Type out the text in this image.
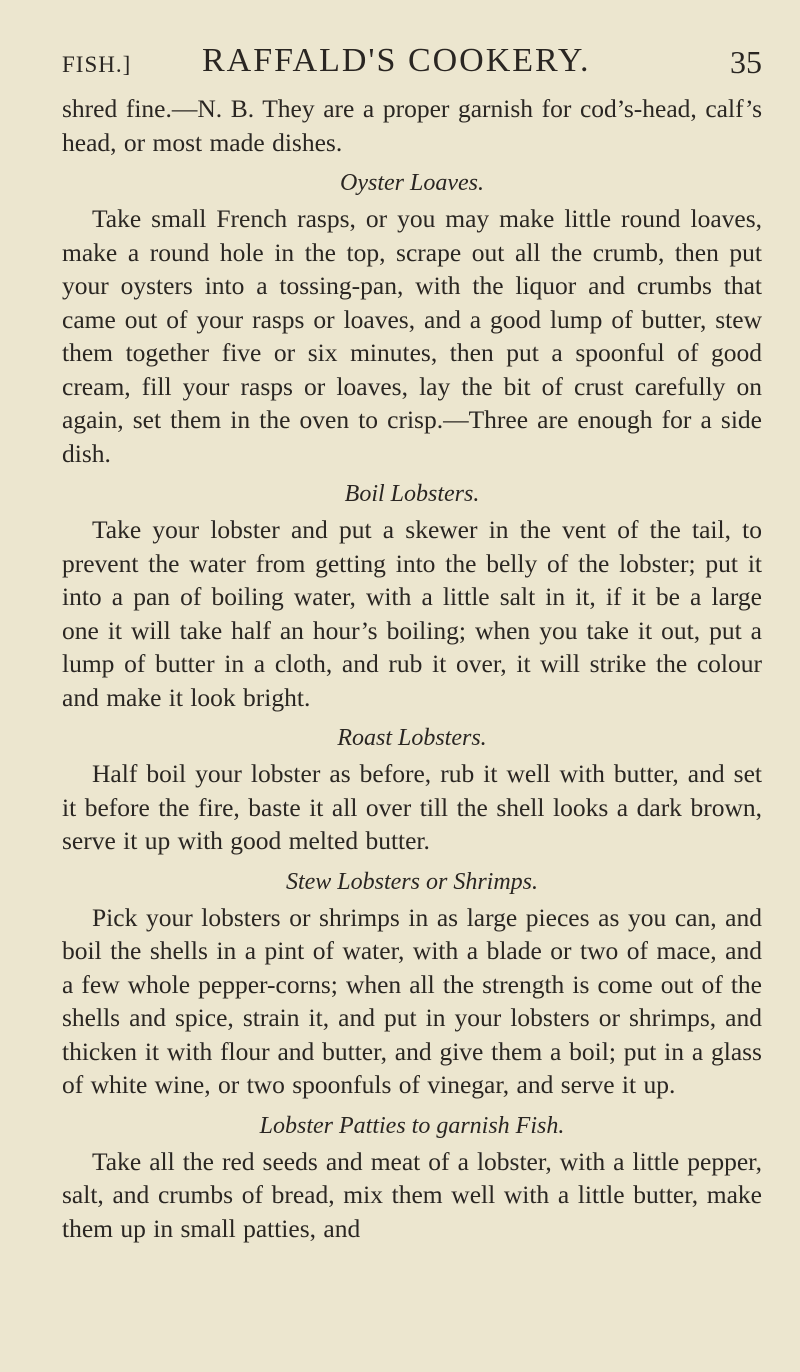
FISH.] RAFFALD'S COOKERY.	35

shred fine.—N. B. They are a proper garnish for cod’s-head, calf’s head, or most made dishes.

Oyster Loaves.

Take small French rasps, or you may make little round loaves, make a round hole in the top, scrape out all the crumb, then put your oysters into a tossing-pan, with the liquor and crumbs that came out of your rasps or loaves, and a good lump of butter, stew them together five or six minutes, then put a spoonful of good cream, fill your rasps or loaves, lay the bit of crust carefully on again, set them in the oven to crisp.—Three are enough for a side dish.

Boil Lobsters.

Take your lobster and put a skewer in the vent of the tail, to prevent the water from getting into the belly of the lobster; put it into a pan of boiling water, with a little salt in it, if it be a large one it will take half an hour’s boiling; when you take it out, put a lump of butter in a cloth, and rub it over, it will strike the colour and make it look bright.

Roast Lobsters.

Half boil your lobster as before, rub it well with butter, and set it before the fire, baste it all over till the shell looks a dark brown, serve it up with good melted butter.

Stew Lobsters or Shrimps.

Pick your lobsters or shrimps in as large pieces as you can, and boil the shells in a pint of water, with a blade or two of mace, and a few whole pepper-corns; when all the strength is come out of the shells and spice, strain it, and put in your lobsters or shrimps, and thicken it with flour and butter, and give them a boil; put in a glass of white wine, or two spoonfuls of vinegar, and serve it up.

Lobster Patties to garnish Fish.

Take all the red seeds and meat of a lobster, with a little pepper, salt, and crumbs of bread, mix them well with a little butter, make them up in small patties, and
